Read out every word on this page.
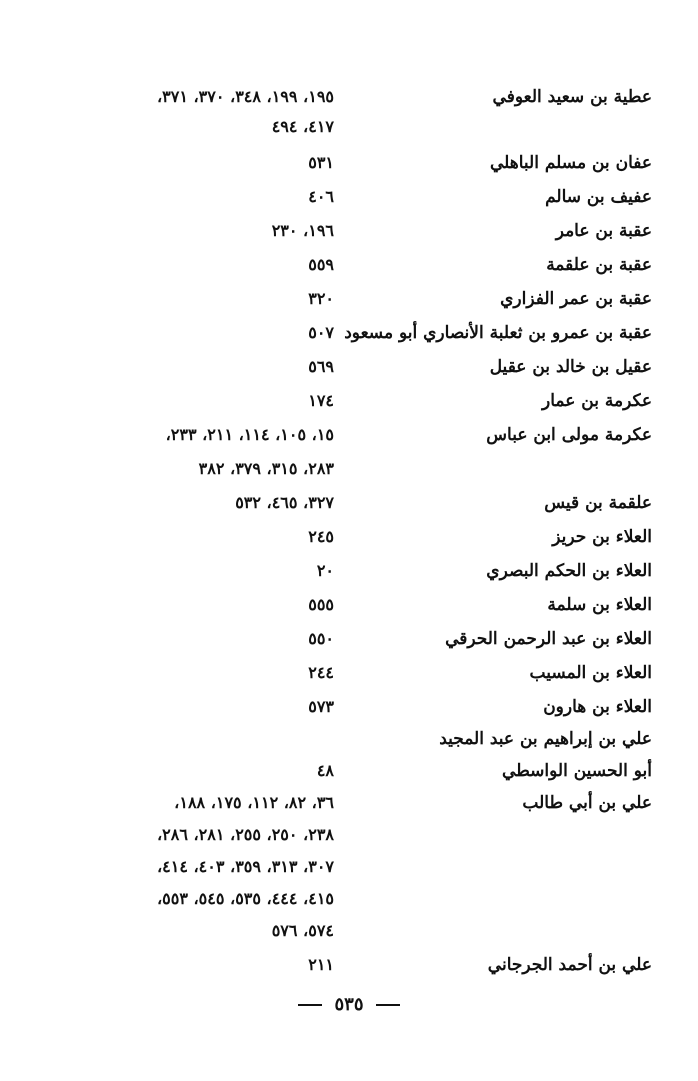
عطية بن سعيد العوفي
١٩٥، ١٩٩، ٣٤٨، ٣٧٠، ٣٧١،
٤١٧، ٤٩٤
عفان بن مسلم الباهلي
٥٣١
عفيف بن سالم
٤٠٦
عقبة بن عامر
١٩٦، ٢٣٠
عقبة بن علقمة
٥٥٩
عقبة بن عمر الفزاري
٣٢٠
عقبة بن عمرو بن ثعلبة الأنصاري أبو مسعود
٥٠٧
عقيل بن خالد بن عقيل
٥٦٩
عكرمة بن عمار
١٧٤
عكرمة مولى ابن عباس
١٥، ١٠٥، ١١٤، ٢١١، ٢٣٣،
٢٨٣، ٣١٥، ٣٧٩، ٣٨٢
علقمة بن قيس
٣٢٧، ٤٦٥، ٥٣٢
العلاء بن حريز
٢٤٥
العلاء بن الحكم البصري
٢٠
العلاء بن سلمة
٥٥٥
العلاء بن عبد الرحمن الحرقي
٥٥٠
العلاء بن المسيب
٢٤٤
العلاء بن هارون
٥٧٣
علي بن إبراهيم بن عبد المجيد
أبو الحسين الواسطي
٤٨
علي بن أبي طالب
٣٦، ٨٢، ١١٢، ١٧٥، ١٨٨،
٢٣٨، ٢٥٠، ٢٥٥، ٢٨١، ٢٨٦،
٣٠٧، ٣١٣، ٣٥٩، ٤٠٣، ٤١٤،
٤١٥، ٤٤٤، ٥٣٥، ٥٤٥، ٥٥٣،
٥٧٤، ٥٧٦
علي بن أحمد الجرجاني
٢١١
٥٣٥
